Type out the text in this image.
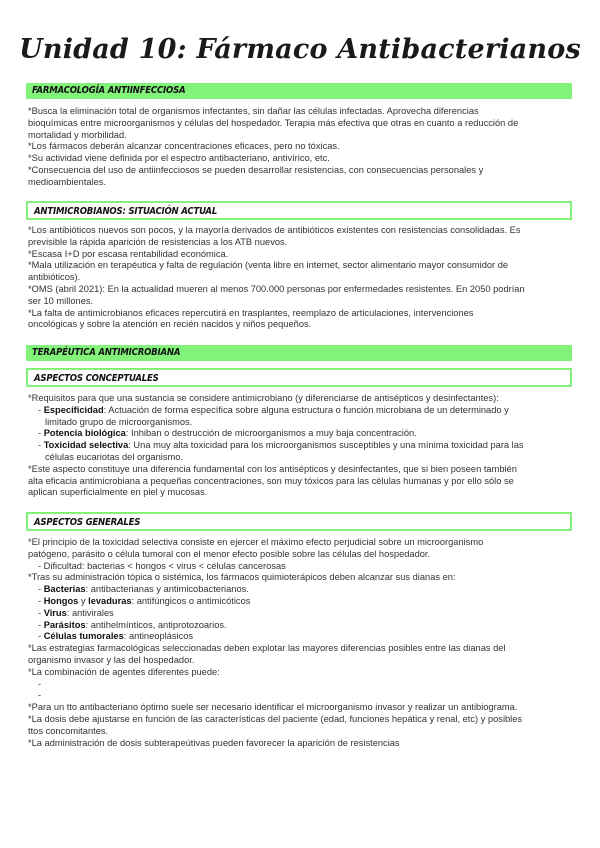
Unidad 10: Fármaco Antibacterianos
FARMACOLOGÍA ANTIINFECCIOSA

*Busca la eliminación total de organismos infectantes, sin dañar las células infectadas. Aprovecha diferencias

bioquímicas entre microorganismos y células del hospedador. Terapia más efectiva que otras en cuanto a reducción de

mortalidad y morbilidad.

*Los fármacos deberán alcanzar concentraciones eficaces, pero no tóxicas.

*Su actividad viene definida por el espectro antibacteriano, antivírico, etc.

*Consecuencia del uso de antiinfecciosos se pueden desarrollar resistencias, con consecuencias personales y

medioambientales.

ANTIMICROBIANOS: SITUACIÓN ACTUAL

*Los antibióticos nuevos son pocos, y la mayoría derivados de antibióticos existentes con resistencias consolidadas. Es

previsible la rápida aparición de resistencias a los ATB nuevos.

*Escasa I+D por escasa rentabilidad económica.

*Mala utilización en terapéutica y falta de regulación (venta libre en internet, sector alimentario mayor consumidor de

antibióticos).

*OMS (abril 2021): En la actualidad mueren al menos 700.000 personas por enfermedades resistentes. En 2050 podrían

ser 10 millones.

*La falta de antimicrobianos eficaces repercutirá en trasplantes, reemplazo de articulaciones, intervenciones

oncológicas y sobre la atención en recién nacidos y niños pequeños.

TERAPÉUTICA ANTIMICROBIANA
ASPECTOS CONCEPTUALES

*Requisitos para que una sustancia se considere antimicrobiano (y diferenciarse de antisépticos y desinfectantes):

- Especificidad: Actuación de forma específica sobre alguna estructura o función microbiana de un determinado y

limitado grupo de microorganismos.

- Potencia biológica: Inhiban o destrucción de microorganismos a muy baja concentración.

- Toxicidad selectiva: Una muy alta toxicidad para los microorganismos susceptibles y una mínima toxicidad para las

células eucariotas del organismo.

*Este aspecto constituye una diferencia fundamental con los antisépticos y desinfectantes, que si bien poseen también

alta eficacia antimicrobiana a pequeñas concentraciones, son muy tóxicos para las células humanas y por ello sólo se

aplican superficialmente en piel y mucosas.

ASPECTOS GENERALES

*El principio de la toxicidad selectiva consiste en ejercer el máximo efecto perjudicial sobre un microorganismo

patógeno, parásito o célula tumoral con el menor efecto posible sobre las células del hospedador.

- Dificultad: bacterias < hongos < virus < células cancerosas

*Tras su administración tópica o sistémica, los fármacos quimioterápicos deben alcanzar sus dianas en:

- Bacterias: antibacterianas y antimicobacterianos.

- Hongos y levaduras: antifúngicos o antimicóticos

- Virus: antivirales

- Parásitos: antihelmínticos, antiprotozoarios.

- Células tumorales: antineoplásicos

*Las estrategias farmacológicas seleccionadas deben explotar las mayores diferencias posibles entre las dianas del

organismo invasor y las del hospedador.

*La combinación de agentes diferentes puede:

-

-

*Para un tto antibacteriano óptimo suele ser necesario identificar el microorganismo invasor y realizar un antibiograma.

*La dosis debe ajustarse en función de las características del paciente (edad, funciones hepática y renal, etc) y posibles

ttos concomitantes.

*La administración de dosis subterapeútivas pueden favorecer la aparición de resistencias
